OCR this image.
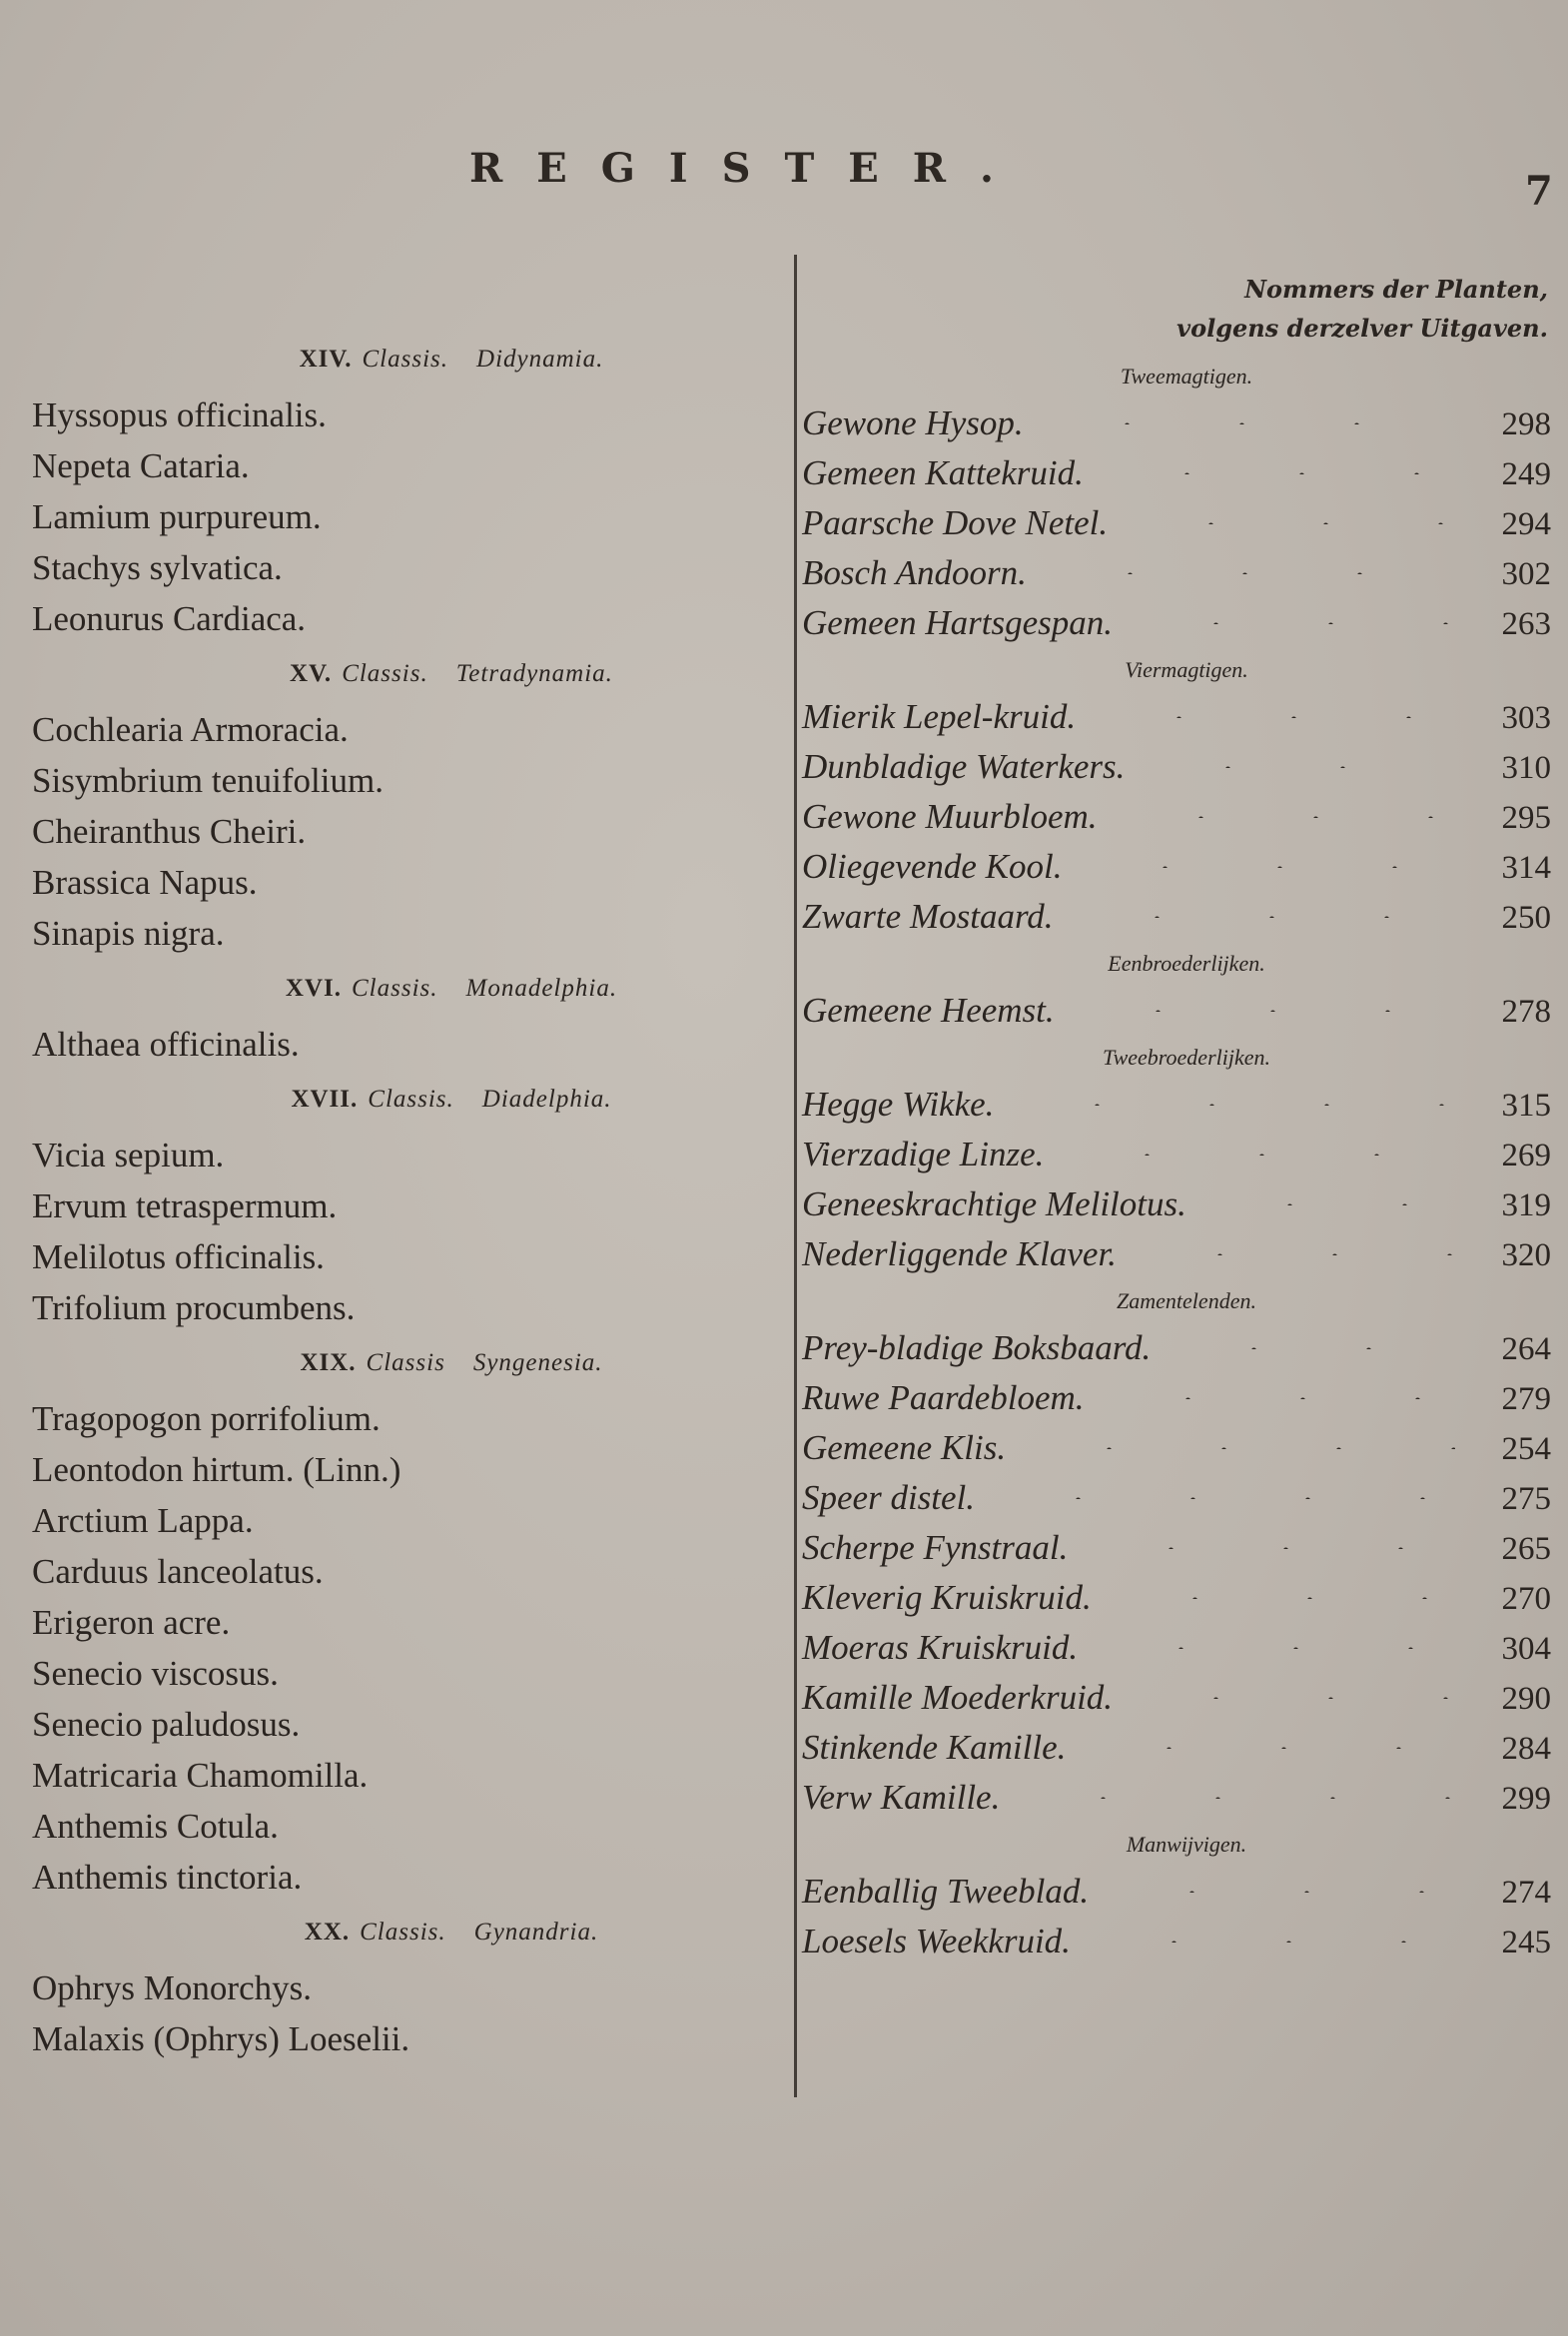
REGISTER.	7
XIV. Classis. Didynamia.
Hyssopus officinalis.
Nepeta Cataria.
Lamium purpureum.
Stachys sylvatica.
Leonurus Cardiaca.
XV. Classis. Tetradynamia.
Cochlearia Armoracia.
Sisymbrium tenuifolium.
Cheiranthus Cheiri.
Brassica Napus.
Sinapis nigra.
XVI. Classis. Monadelphia.
Althaea officinalis.
XVII. Classis. Diadelphia.
Vicia sepium.
Ervum tetraspermum.
Melilotus officinalis.
Trifolium procumbens.
XIX. Classis Syngenesia.
Tragopogon porrifolium.
Leontodon hirtum. (Linn.)
Arctium Lappa.
Carduus lanceolatus.
Erigeron acre.
Senecio viscosus.
Senecio paludosus.
Matricaria Chamomilla.
Anthemis Cotula.
Anthemis tinctoria.
XX. Classis. Gynandria.
Ophrys Monorchys.
Malaxis (Ophrys) Loeselii.
Nommers der Planten,
volgens derzelver Uitgaven.
Tweemagtigen.
Gewone Hysop.	298
Gemeen Kattekruid.	249
Paarsche Dove Netel.	294
Bosch Andoorn.	302
Gemeen Hartsgespan.	263
Viermagtigen.
Mierik Lepel-kruid.	303
Dunbladige Waterkers.	310
Gewone Muurbloem.	295
Oliegevende Kool.	314
Zwarte Mostaard.	250
Eenbroederlijken.
Gemeene Heemst.	278
Tweebroederlijken.
Hegge Wikke.	315
Vierzadige Linze.	269
Geneeskrachtige Melilotus.	319
Nederliggende Klaver.	320
Zamentelenden.
Prey-bladige Boksbaard.	264
Ruwe Paardebloem.	279
Gemeene Klis.	254
Speer distel.	275
Scherpe Fynstraal.	265
Kleverig Kruiskruid.	270
Moeras Kruiskruid.	304
Kamille Moederkruid.	290
Stinkende Kamille.	284
Verw Kamille.	299
Manwijvigen.
Eenballig Tweeblad.	274
Loesels Weekkruid.	245
